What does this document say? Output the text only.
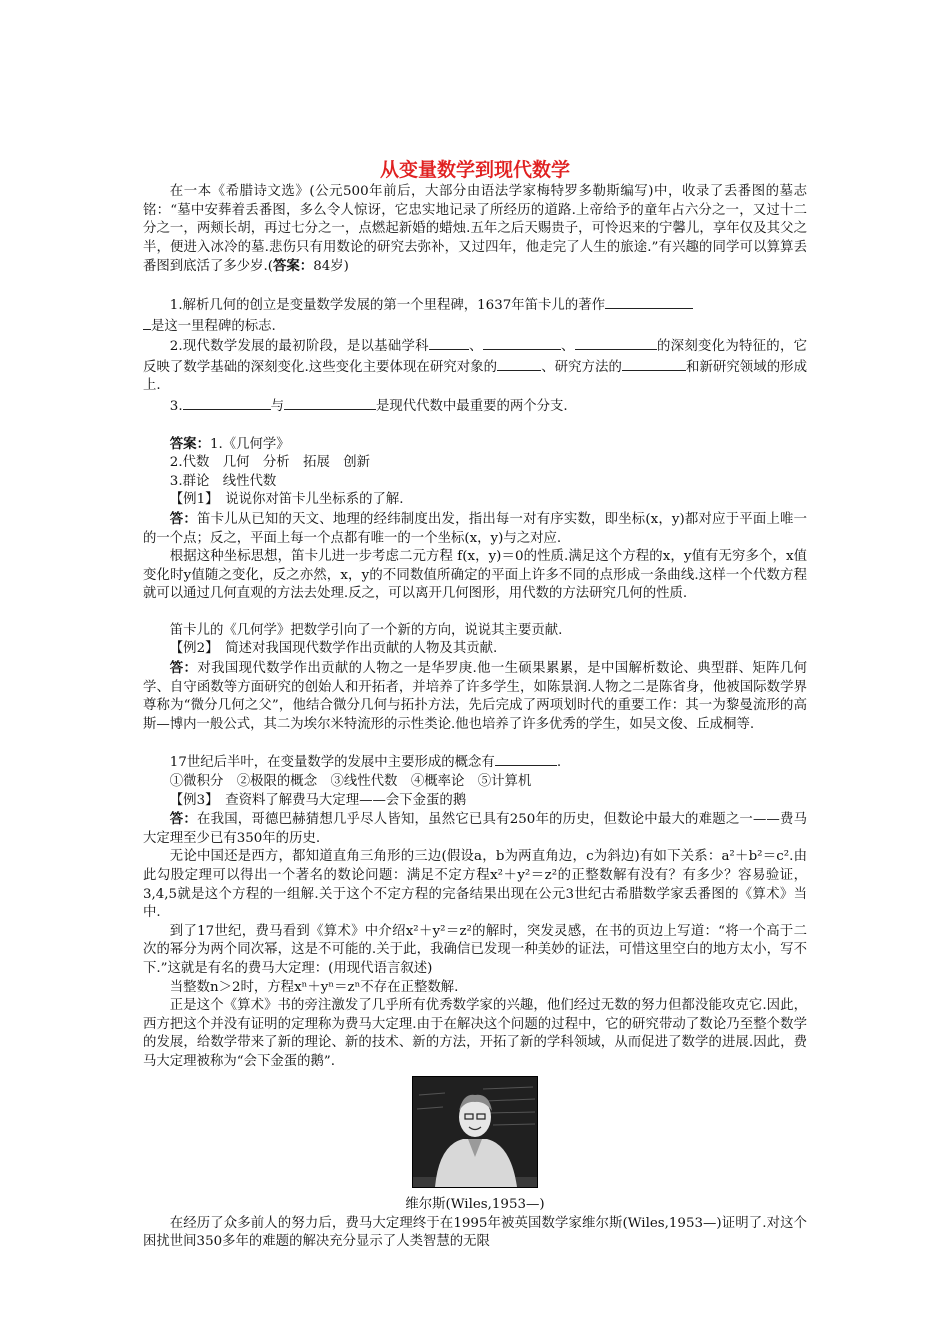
从变量数学到现代数学

在一本《希腊诗文选》(公元500年前后，大部分由语法学家梅特罗多勒斯编写)中，收录了丢番图的墓志铭：“墓中安葬着丢番图，多么令人惊讶，它忠实地记录了所经历的道路.上帝给予的童年占六分之一，又过十二分之一，两颊长胡，再过七分之一，点燃起新婚的蜡烛.五年之后天赐贵子，可怜迟来的宁馨儿，享年仅及其父之半，便进入冰冷的墓.悲伤只有用数论的研究去弥补，又过四年，他走完了人生的旅途.”有兴趣的同学可以算算丢番图到底活了多少岁.(答案：84岁)

1.解析几何的创立是变量数学发展的第一个里程碑，1637年笛卡儿的著作
是这一里程碑的标志.

2.现代数学发展的最初阶段，是以基础学科	、	、	的深刻变化为特征的，它反映了数学基础的深刻变化.这些变化主要体现在研究对象的	、研究方法的	和新研究领域的形成上.

3.	与	是现代代数中最重要的两个分支.

答案：1.《几何学》

2.代数　几何　分析　拓展　创新

3.群论　线性代数

【例1】　 说说你对笛卡儿坐标系的了解.

答：笛卡儿从已知的天文、地理的经纬制度出发，指出每一对有序实数，即坐标(x，y)都对应于平面上唯一的一个点；反之，平面上每一个点都有唯一的一个坐标(x，y)与之对应.

根据这种坐标思想，笛卡儿进一步考虑二元方程 f(x，y)＝0的性质.满足这个方程的x，y值有无穷多个，x值变化时y值随之变化，反之亦然，x，y的不同数值所确定的平面上许多不同的点形成一条曲线.这样一个代数方程就可以通过几何直观的方法去处理.反之，可以离开几何图形，用代数的方法研究几何的性质.

笛卡儿的《几何学》把数学引向了一个新的方向，说说其主要贡献.

【例2】　 简述对我国现代数学作出贡献的人物及其贡献.

答：对我国现代数学作出贡献的人物之一是华罗庚.他一生硕果累累，是中国解析数论、典型群、矩阵几何学、自守函数等方面研究的创始人和开拓者，并培养了许多学生，如陈景润.人物之二是陈省身，他被国际数学界尊称为“微分几何之父”，他结合微分几何与拓扑方法，先后完成了两项划时代的重要工作：其一为黎曼流形的高斯—博内一般公式，其二为埃尔米特流形的示性类论.他也培养了许多优秀的学生，如吴文俊、丘成桐等.

17世纪后半叶，在变量数学的发展中主要形成的概念有	.

①微积分　②极限的概念　③线性代数　④概率论　⑤计算机

【例3】　 查资料了解费马大定理——会下金蛋的鹅

答：在我国，哥德巴赫猜想几乎尽人皆知，虽然它已具有250年的历史，但数论中最大的难题之一——费马大定理至少已有350年的历史.

无论中国还是西方，都知道直角三角形的三边(假设a，b为两直角边，c为斜边)有如下关系：a²＋b²＝c².由此勾股定理可以得出一个著名的数论问题：满足不定方程x²＋y²＝z²的正整数解有没有？有多少？容易验证，3,4,5就是这个方程的一组解.关于这个不定方程的完备结果出现在公元3世纪古希腊数学家丢番图的《算术》当中.

到了17世纪，费马看到《算术》中介绍x²＋y²＝z²的解时，突发灵感，在书的页边上写道：“将一个高于二次的幂分为两个同次幂，这是不可能的.关于此，我确信已发现一种美妙的证法，可惜这里空白的地方太小，写不下.”这就是有名的费马大定理：(用现代语言叙述)

当整数n＞2时，方程xⁿ＋yⁿ＝zⁿ不存在正整数解.

正是这个《算术》书的旁注激发了几乎所有优秀数学家的兴趣，他们经过无数的努力但都没能攻克它.因此，西方把这个并没有证明的定理称为费马大定理.由于在解决这个问题的过程中，它的研究带动了数论乃至整个数学的发展，给数学带来了新的理论、新的技术、新的方法，开拓了新的学科领域，从而促进了数学的进展.因此，费马大定理被称为“会下金蛋的鹅”.

维尔斯(Wiles,1953—)

在经历了众多前人的努力后，费马大定理终于在1995年被英国数学家维尔斯(Wiles,1953—)证明了.对这个困扰世间350多年的难题的解决充分显示了人类智慧的无限
